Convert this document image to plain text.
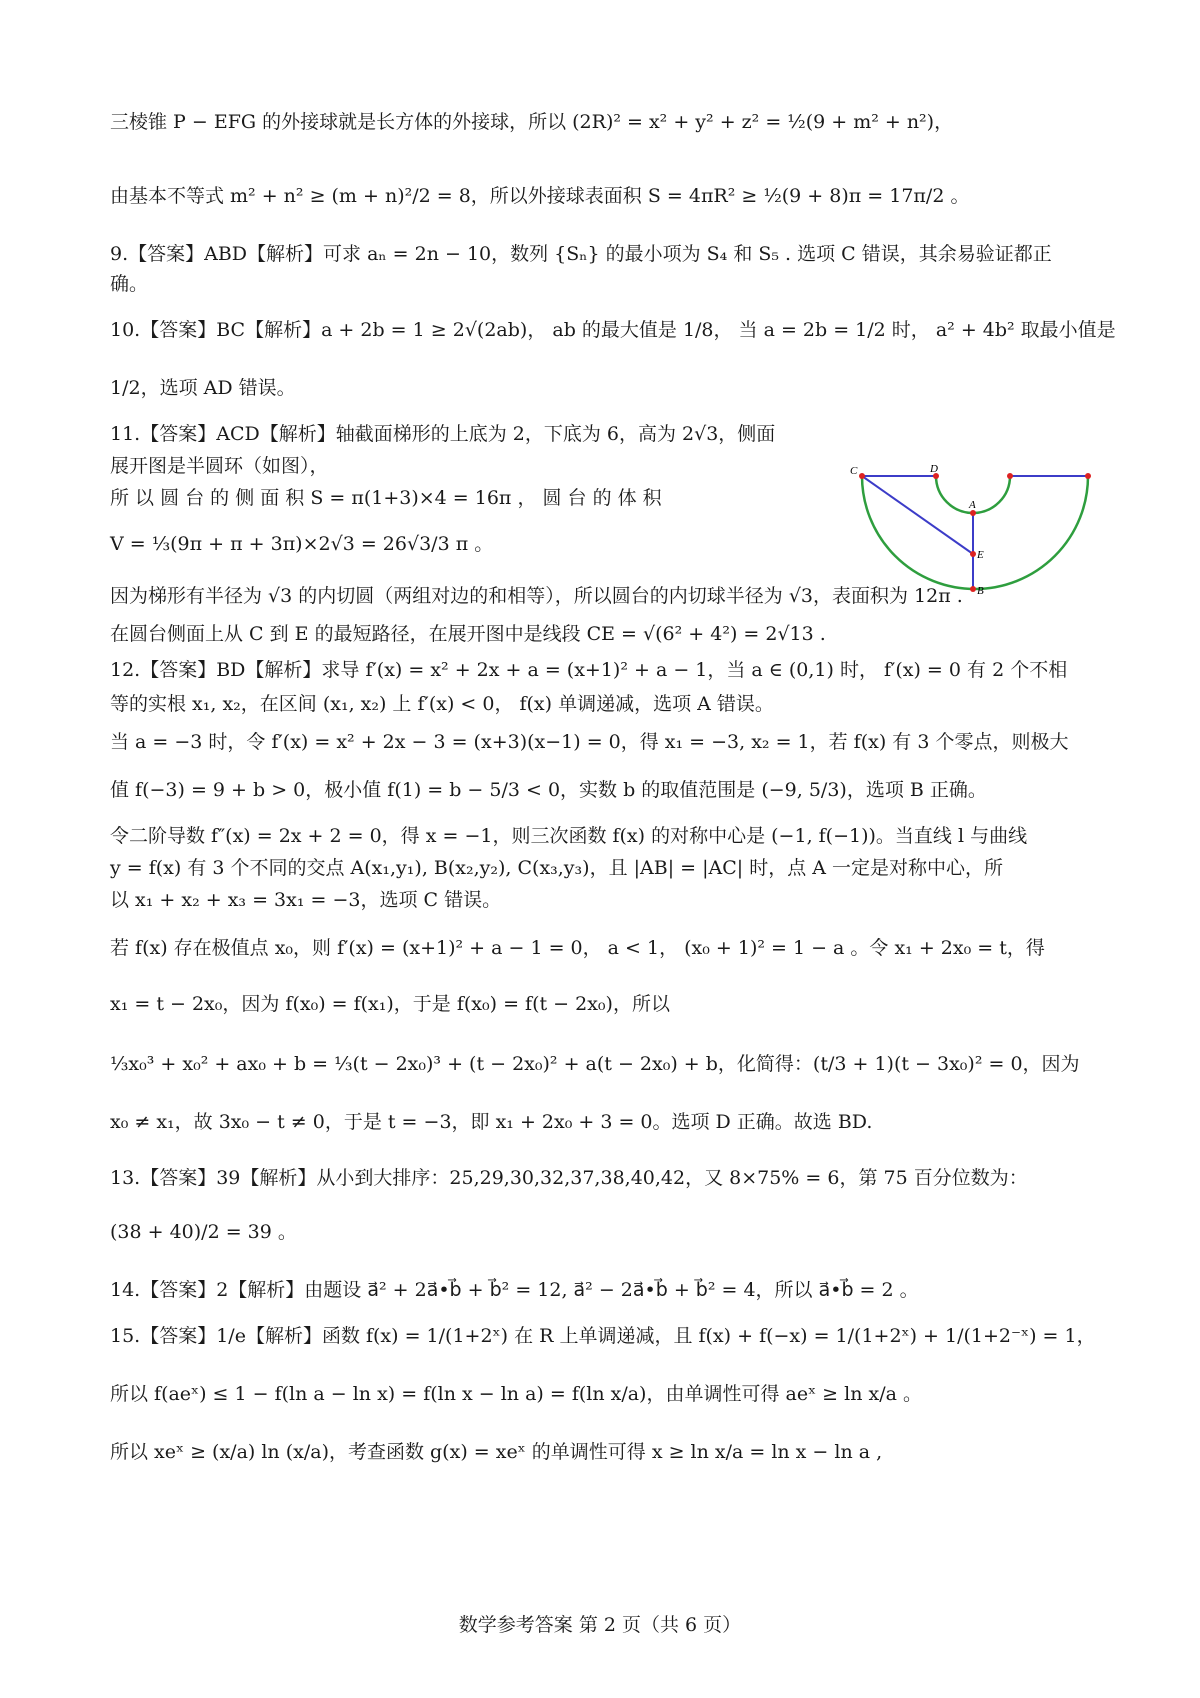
三棱锥 P − EFG 的外接球就是长方体的外接球，所以 (2R)² = x² + y² + z² = ½(9 + m² + n²)，
由基本不等式 m² + n² ≥ (m + n)²/2 = 8，所以外接球表面积 S = 4πR² ≥ ½(9 + 8)π = 17π/2 。
9.【答案】ABD【解析】可求 aₙ = 2n − 10，数列 {Sₙ} 的最小项为 S₄ 和 S₅ . 选项 C 错误，其余易验证都正
确。
10.【答案】BC【解析】a + 2b = 1 ≥ 2√(2ab)， ab 的最大值是 1/8， 当 a = 2b = 1/2 时， a² + 4b² 取最小值是
1/2，选项 AD 错误。
11.【答案】ACD【解析】轴截面梯形的上底为 2，下底为 6，高为 2√3，侧面
展开图是半圆环（如图），
所 以 圆 台 的 侧 面 积 S = π(1+3)×4 = 16π ， 圆 台 的 体 积
V = ⅓(9π + π + 3π)×2√3 = 26√3/3 π 。
C	D
A
E
B
因为梯形有半径为 √3 的内切圆（两组对边的和相等），所以圆台的内切球半径为 √3，表面积为 12π .
在圆台侧面上从 C 到 E 的最短路径，在展开图中是线段 CE = √(6² + 4²) = 2√13 .
12.【答案】BD【解析】求导 f′(x) = x² + 2x + a = (x+1)² + a − 1，当 a ∈ (0,1) 时， f′(x) = 0 有 2 个不相
等的实根 x₁, x₂，在区间 (x₁, x₂) 上 f′(x) < 0， f(x) 单调递减，选项 A 错误。
当 a = −3 时，令 f′(x) = x² + 2x − 3 = (x+3)(x−1) = 0，得 x₁ = −3, x₂ = 1，若 f(x) 有 3 个零点，则极大
值 f(−3) = 9 + b > 0，极小值 f(1) = b − 5/3 < 0，实数 b 的取值范围是 (−9, 5/3)，选项 B 正确。
令二阶导数 f″(x) = 2x + 2 = 0，得 x = −1，则三次函数 f(x) 的对称中心是 (−1, f(−1))。当直线 l 与曲线
y = f(x) 有 3 个不同的交点 A(x₁,y₁), B(x₂,y₂), C(x₃,y₃)，且 |AB| = |AC| 时，点 A 一定是对称中心，所
以 x₁ + x₂ + x₃ = 3x₁ = −3，选项 C 错误。
若 f(x) 存在极值点 x₀，则 f′(x) = (x+1)² + a − 1 = 0， a < 1， (x₀ + 1)² = 1 − a 。令 x₁ + 2x₀ = t，得
x₁ = t − 2x₀，因为 f(x₀) = f(x₁)，于是 f(x₀) = f(t − 2x₀)，所以
⅓x₀³ + x₀² + ax₀ + b = ⅓(t − 2x₀)³ + (t − 2x₀)² + a(t − 2x₀) + b，化简得：(t/3 + 1)(t − 3x₀)² = 0，因为
x₀ ≠ x₁，故 3x₀ − t ≠ 0，于是 t = −3，即 x₁ + 2x₀ + 3 = 0。选项 D 正确。故选 BD.
13.【答案】39【解析】从小到大排序：25,29,30,32,37,38,40,42，又 8×75% = 6，第 75 百分位数为：
(38 + 40)/2 = 39 。
14.【答案】2【解析】由题设 a⃗² + 2a⃗•b⃗ + b⃗² = 12, a⃗² − 2a⃗•b⃗ + b⃗² = 4，所以 a⃗•b⃗ = 2 。
15.【答案】1/e【解析】函数 f(x) = 1/(1+2ˣ) 在 R 上单调递减，且 f(x) + f(−x) = 1/(1+2ˣ) + 1/(1+2⁻ˣ) = 1，
所以 f(aeˣ) ≤ 1 − f(ln a − ln x) = f(ln x − ln a) = f(ln x/a)，由单调性可得 aeˣ ≥ ln x/a 。
所以 xeˣ ≥ (x/a) ln (x/a)，考查函数 g(x) = xeˣ 的单调性可得 x ≥ ln x/a = ln x − ln a ,
数学参考答案 第 2 页（共 6 页）
